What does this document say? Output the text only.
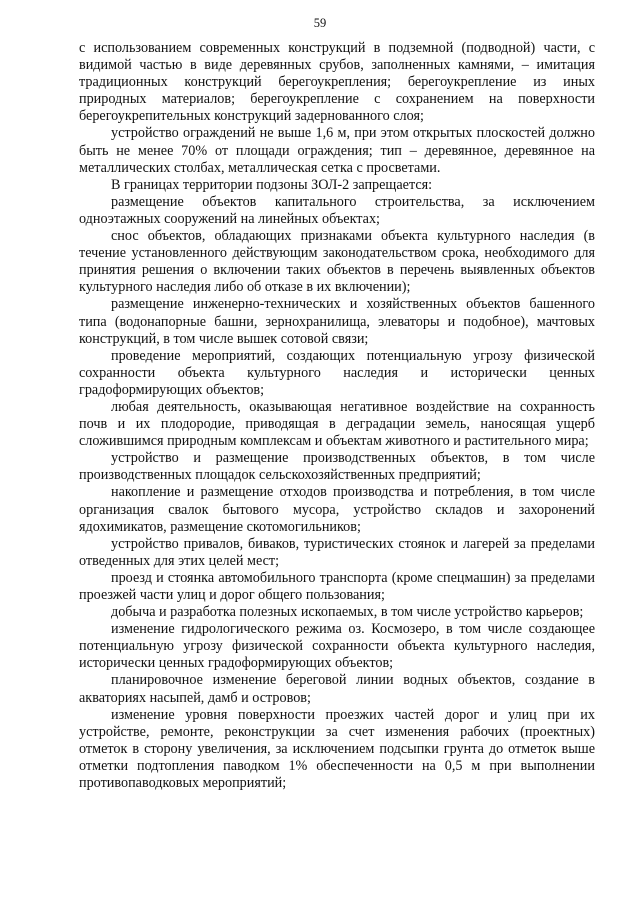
59

с использованием современных конструкций в подземной (подводной) части, с видимой частью в виде деревянных срубов, заполненных камнями, – имитация традиционных конструкций берегоукрепления; берегоукрепление из иных природных материалов; берегоукрепление с сохранением на поверхности берегоукрепительных конструкций задернованного слоя;

устройство ограждений не выше 1,6 м, при этом открытых плоскостей должно быть не менее 70% от площади ограждения; тип – деревянное, деревянное на металлических столбах, металлическая сетка с просветами.

В границах территории подзоны ЗОЛ-2 запрещается:

размещение объектов капитального строительства, за исключением одноэтажных сооружений на линейных объектах;

снос объектов, обладающих признаками объекта культурного наследия (в течение установленного действующим законодательством срока, необходимого для принятия решения о включении таких объектов в перечень выявленных объектов культурного наследия либо об отказе в их включении);

размещение инженерно-технических и хозяйственных объектов башенного типа (водонапорные башни, зернохранилища, элеваторы и подобное), мачтовых конструкций, в том числе вышек сотовой связи;

проведение мероприятий, создающих потенциальную угрозу физической сохранности объекта культурного наследия и исторически ценных градоформирующих объектов;

любая деятельность, оказывающая негативное воздействие на сохранность почв и их плодородие, приводящая в деградации земель, наносящая ущерб сложившимся природным комплексам и объектам животного и растительного мира;

устройство и размещение производственных объектов, в том числе производственных площадок сельскохозяйственных предприятий;

накопление и размещение отходов производства и потребления, в том числе организация свалок бытового мусора, устройство складов и захоронений ядохимикатов, размещение скотомогильников;

устройство привалов, биваков, туристических стоянок и лагерей за пределами отведенных для этих целей мест;

проезд и стоянка автомобильного транспорта (кроме спецмашин) за пределами проезжей части улиц и дорог общего пользования;

добыча и разработка полезных ископаемых, в том числе устройство карьеров;

изменение гидрологического режима оз. Космозеро, в том числе создающее потенциальную угрозу физической сохранности объекта культурного наследия, исторически ценных градоформирующих объектов;

планировочное изменение береговой линии водных объектов, создание в акваториях насыпей, дамб и островов;

изменение уровня поверхности проезжих частей дорог и улиц при их устройстве, ремонте, реконструкции за счет изменения рабочих (проектных) отметок в сторону увеличения, за исключением подсыпки грунта до отметок выше отметки подтопления паводком 1% обеспеченности на 0,5 м при выполнении противопаводковых мероприятий;
